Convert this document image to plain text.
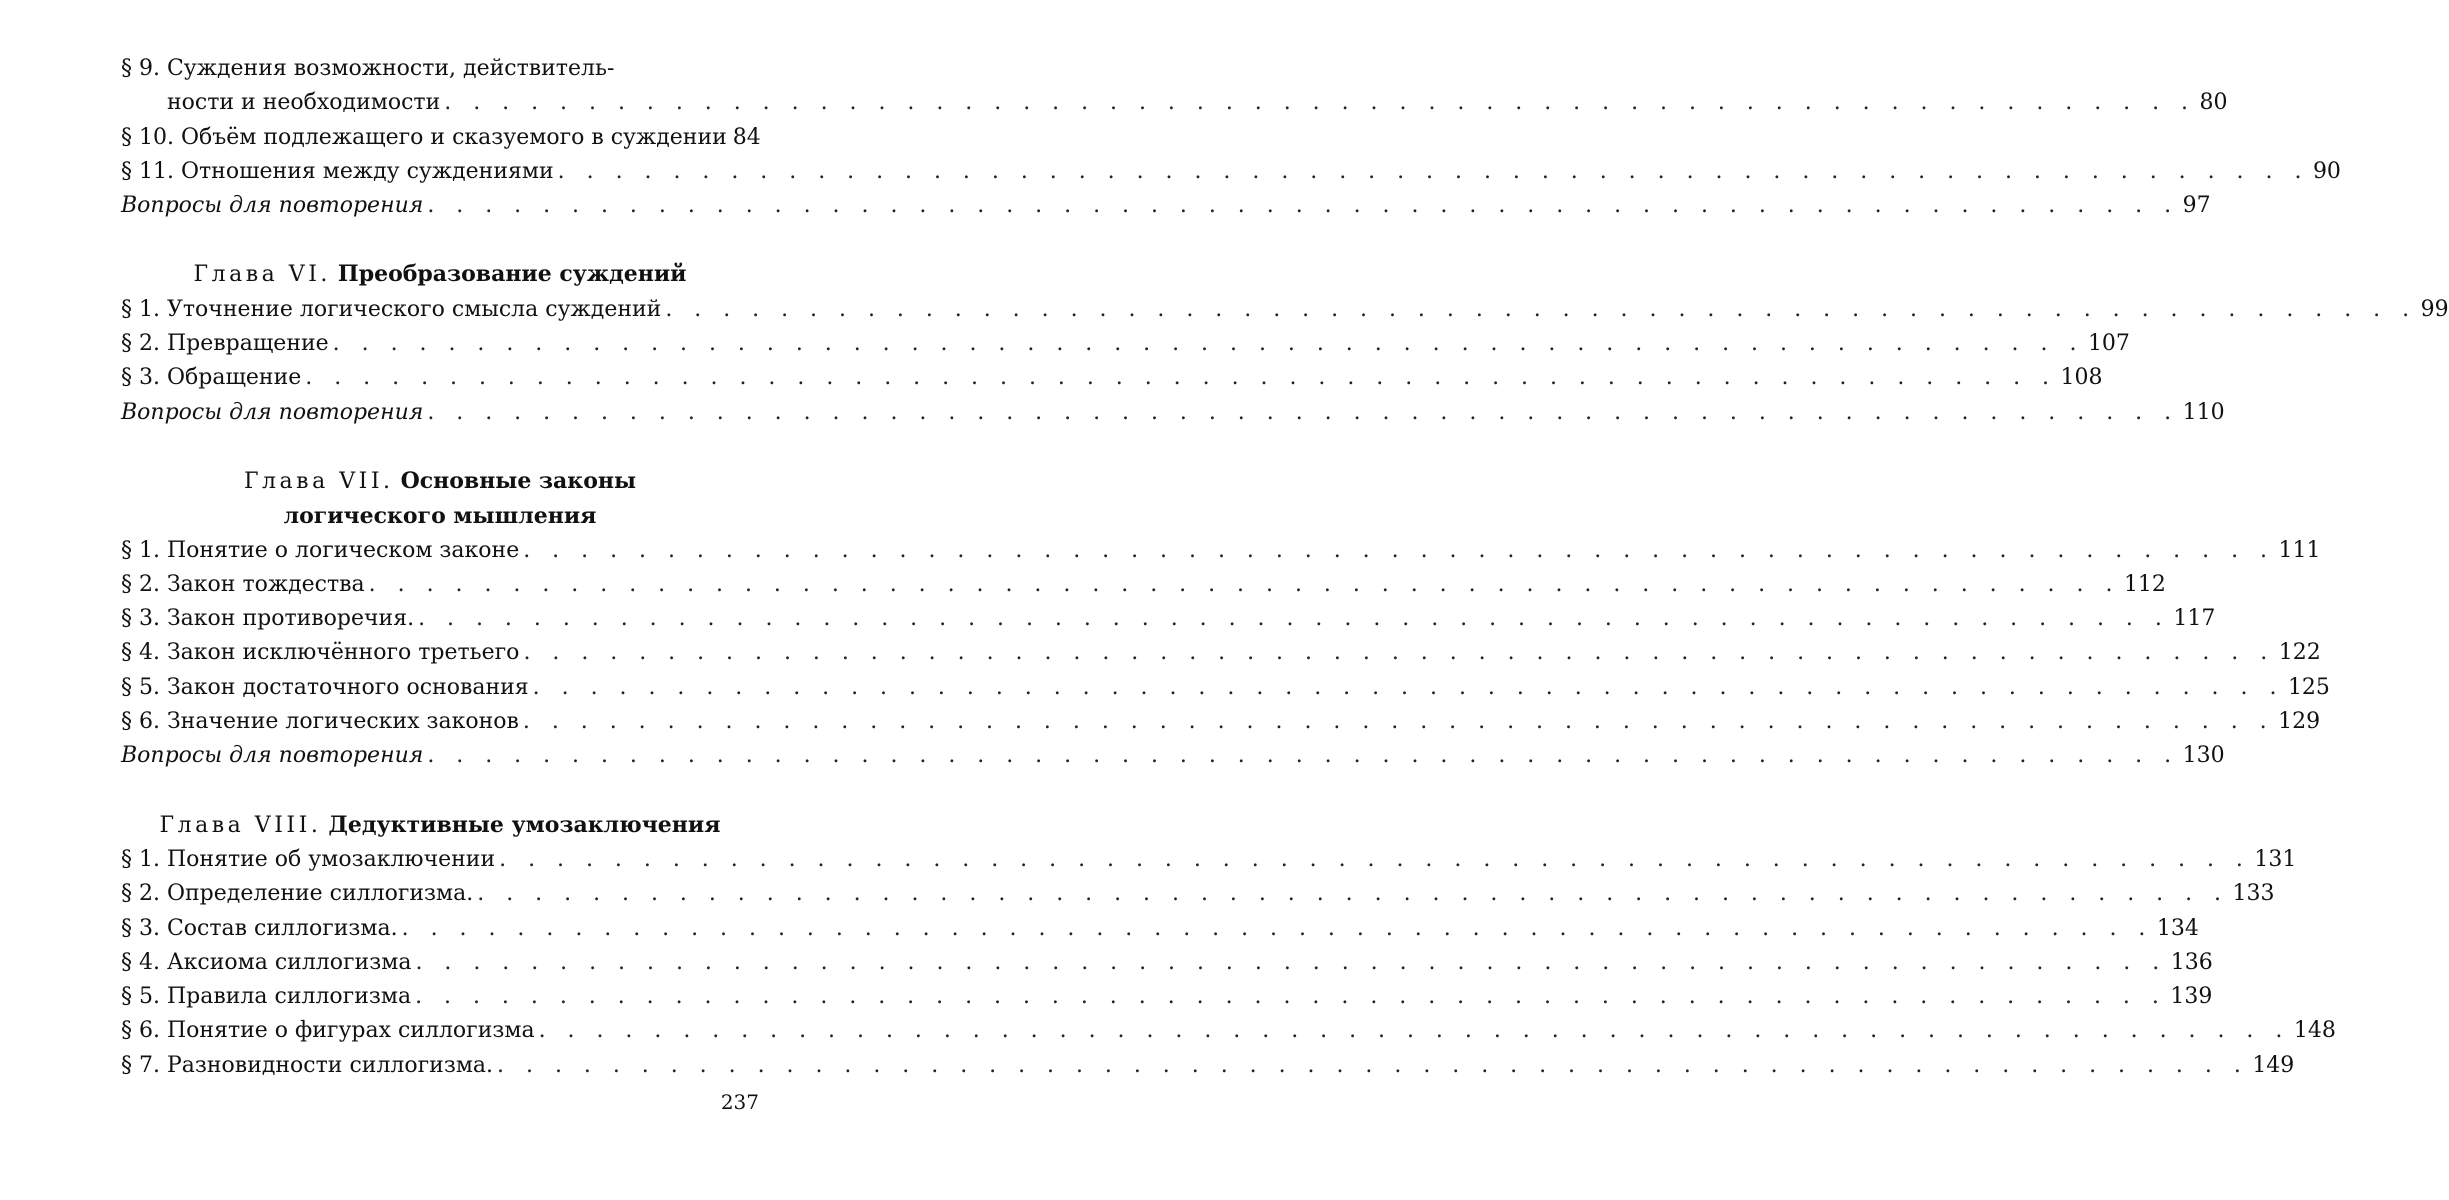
§ 9. Суждения возможности, действитель-
ности и необходимости . . .	80
§ 10. Объём подлежащего и сказуемого в суждении 84
§ 11. Отношения между суждениями . . .	90
Вопросы для повторения . . .	97
Глава VI. Преобразование суждений
§ 1. Уточнение логического смысла суждений . . .	99
§ 2. Превращение . . .	107
§ 3. Обращение . . .	108
Вопросы для повторения . . .	110
Глава VII. Основные законы
логического мышления
§ 1. Понятие о логическом законе . . .	111
§ 2. Закон тождества . . .	112
§ 3. Закон противоречия. . . .	117
§ 4. Закон исключённого третьего . . .	122
§ 5. Закон достаточного основания . . .	125
§ 6. Значение логических законов . . .	129
Вопросы для повторения . . .	130
Глава VIII. Дедуктивные умозаключения
§ 1. Понятие об умозаключении . . .	131
§ 2. Определение силлогизма. . . .	133
§ 3. Состав силлогизма. . . .	134
§ 4. Аксиома силлогизма . . .	136
§ 5. Правила силлогизма . . .	139
§ 6. Понятие о фигурах силлогизма . . .	148
§ 7. Разновидности силлогизма. . . .	149
237
